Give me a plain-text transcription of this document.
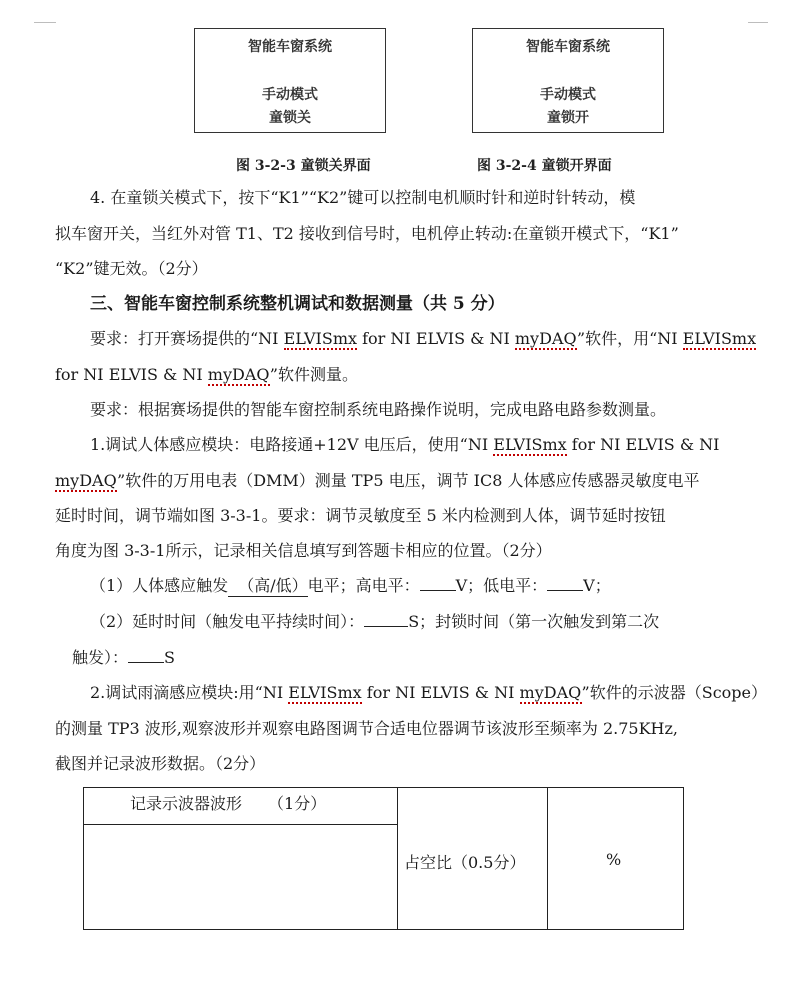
智能车窗系统
手动模式
童锁关
图 3-2-3 童锁关界面
智能车窗系统
手动模式
童锁开
图 3-2-4 童锁开界面
4. 在童锁关模式下，按下“K1”“K2”键可以控制电机顺时针和逆时针转动，模
拟车窗开关，当红外对管 T1、T2 接收到信号时，电机停止转动:在童锁开模式下，“K1”
“K2”键无效。（2分）
三、智能车窗控制系统整机调试和数据测量（共 5 分）
要求：打开赛场提供的“NI ELVISmx for NI ELVIS & NI myDAQ”软件，用“NI ELVISmx
for NI ELVIS & NI myDAQ”软件测量。
要求：根据赛场提供的智能车窗控制系统电路操作说明，完成电路电路参数测量。
1.调试人体感应模块：电路接通+12V 电压后，使用“NI ELVISmx for NI ELVIS & NI
myDAQ”软件的万用电表（DMM）测量 TP5 电压，调节 IC8 人体感应传感器灵敏度电平
延时时间，调节端如图 3-3-1。要求：调节灵敏度至 5 米内检测到人体，调节延时按钮
角度为图 3-3-1所示，记录相关信息填写到答题卡相应的位置。（2分）
（1）人体感应触发 （高/低）电平；高电平： V；低电平： V；
（2）延时时间（触发电平持续时间）：	S；封锁时间（第一次触发到第二次
触发）： S
2.调试雨滴感应模块:用“NI ELVISmx for NI ELVIS & NI myDAQ”软件的示波器（Scope）
的测量 TP3 波形,观察波形并观察电路图调节合适电位器调节该波形至频率为 2.75KHz,
截图并记录波形数据。（2分）
记录示波器波形 （1分）
占空比（0.5分）	%
